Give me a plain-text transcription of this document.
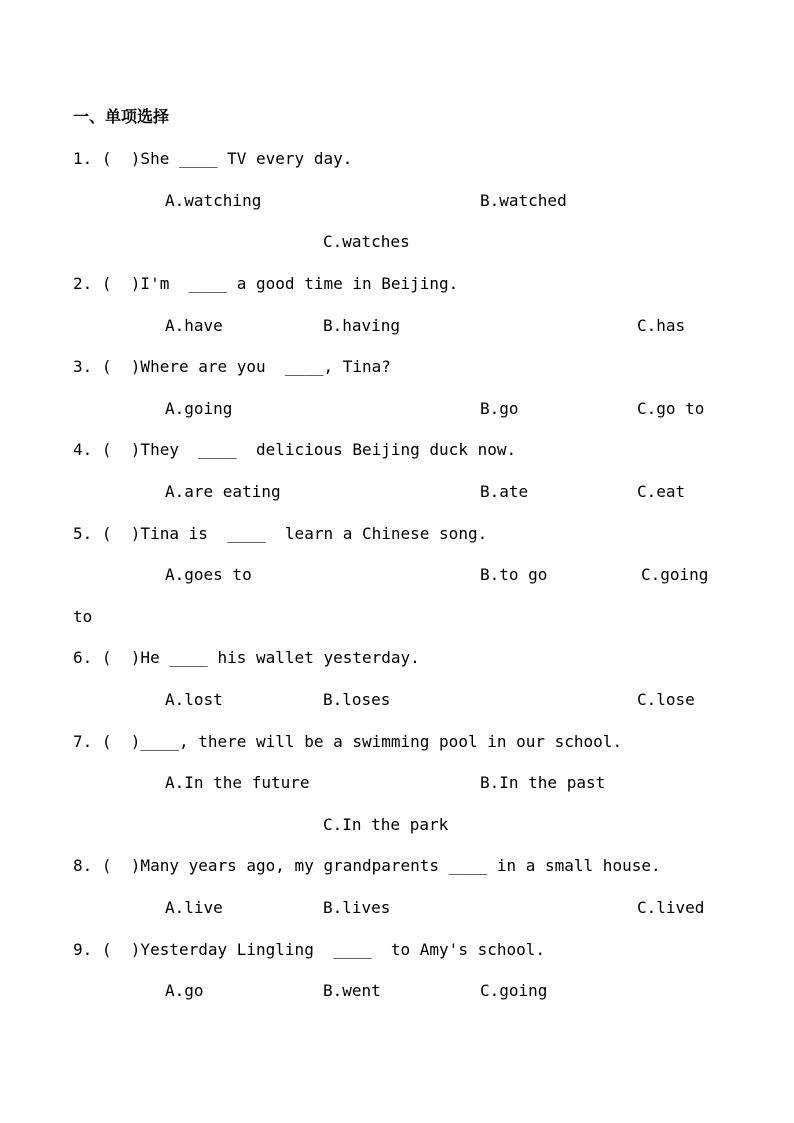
一、单项选择
1. (  )She ____ TV every day.
A.watching	B.watched
C.watches
2. (  )I'm  ____ a good time in Beijing.
A.have	B.having	C.has
3. (  )Where are you  ____, Tina?
A.going	B.go	C.go to
4. (  )They  ____  delicious Beijing duck now.
A.are eating	B.ate	C.eat
5. (  )Tina is  ____  learn a Chinese song.
A.goes to	B.to go	C.going
to
6. (  )He ____ his wallet yesterday.
A.lost	B.loses	C.lose
7. (  )____, there will be a swimming pool in our school.
A.In the future	B.In the past
C.In the park
8. (  )Many years ago, my grandparents ____ in a small house.
A.live	B.lives	C.lived
9. (  )Yesterday Lingling  ____  to Amy's school.
A.go	B.went	C.going
